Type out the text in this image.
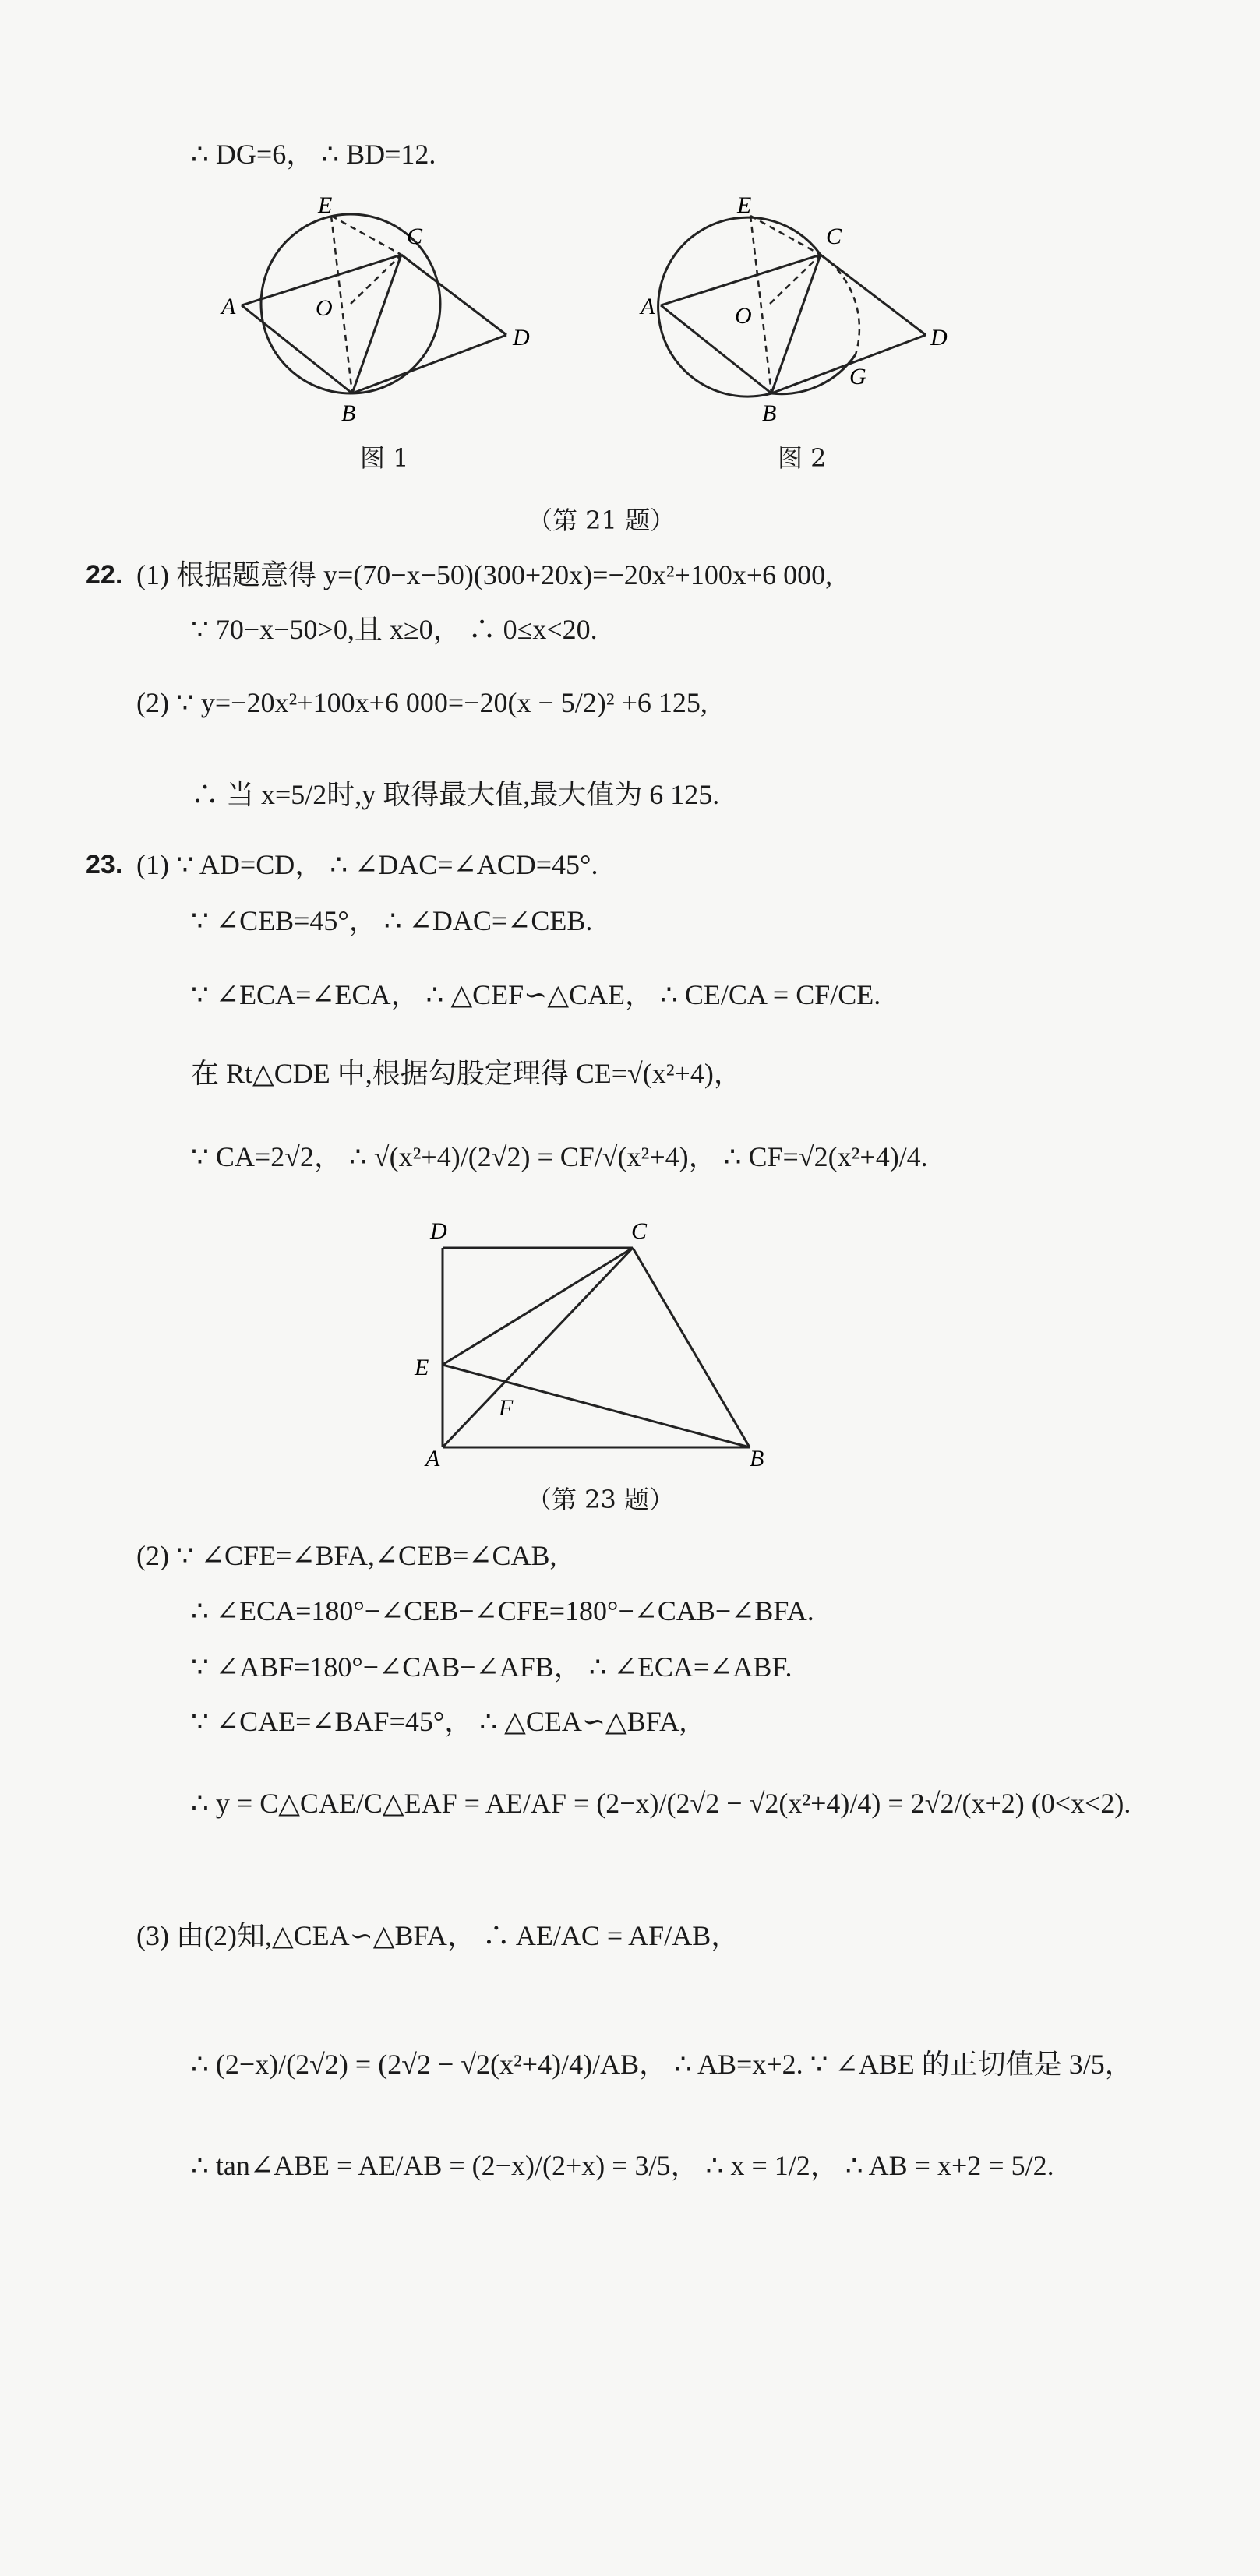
∴ DG=6， ∴ BD=12.
E
C
A	O
B
D
E
C
A	O
B
D
G
图 1	图 2
（第 21 题）
22. (1) 根据题意得 y=(70−x−50)(300+20x)=−20x²+100x+6 000,
∵ 70−x−50>0,且 x≥0， ∴ 0≤x<20.
(2) ∵ y=−20x²+100x+6 000=−20(x − 5/2)² +6 125,
∴ 当 x=5/2时,y 取得最大值,最大值为 6 125.
23. (1) ∵ AD=CD， ∴ ∠DAC=∠ACD=45°.
∵ ∠CEB=45°， ∴ ∠DAC=∠CEB.
∵ ∠ECA=∠ECA， ∴ △CEF∽△CAE， ∴ CE/CA = CF/CE.
在 Rt△CDE 中,根据勾股定理得 CE=√(x²+4)，
∵ CA=2√2， ∴ √(x²+4)/(2√2) = CF/√(x²+4)， ∴ CF=√2(x²+4)/4.
D	C
E
F
A	B
（第 23 题）
(2) ∵ ∠CFE=∠BFA,∠CEB=∠CAB,
∴ ∠ECA=180°−∠CEB−∠CFE=180°−∠CAB−∠BFA.
∵ ∠ABF=180°−∠CAB−∠AFB， ∴ ∠ECA=∠ABF.
∵ ∠CAE=∠BAF=45°， ∴ △CEA∽△BFA,
∴ y = C△CAE/C△EAF = AE/AF = (2−x)/(2√2 − √2(x²+4)/4) = 2√2/(x+2) (0<x<2).
(3) 由(2)知,△CEA∽△BFA， ∴ AE/AC = AF/AB，
∴ (2−x)/(2√2) = (2√2 − √2(x²+4)/4)/AB， ∴ AB=x+2. ∵ ∠ABE 的正切值是 3/5，
∴ tan∠ABE = AE/AB = (2−x)/(2+x) = 3/5， ∴ x = 1/2， ∴ AB = x+2 = 5/2.
